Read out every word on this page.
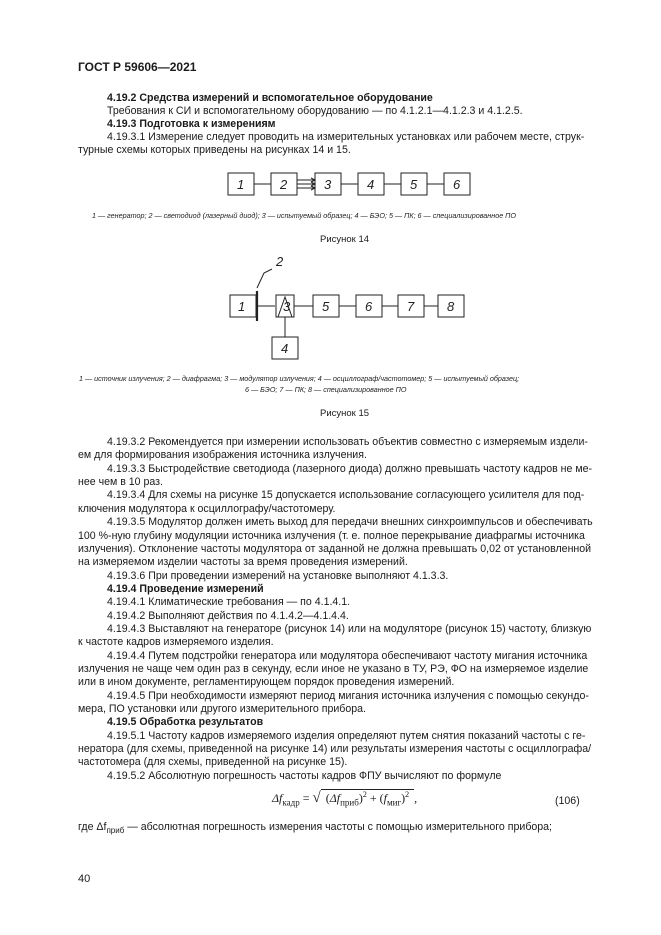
ГОСТ Р 59606—2021
4.19.2 Средства измерений и вспомогательное оборудование
Требования к СИ и вспомогательному оборудованию — по 4.1.2.1—4.1.2.3 и 4.1.2.5.
4.19.3 Подготовка к измерениям
4.19.3.1 Измерение следует проводить на измерительных установках или рабочем месте, струк-
турные схемы которых приведены на рисунках 14 и 15.
1	2	3	4	5	6
1 — генератор; 2 — светодиод (лазерный диод); 3 — испытуемый образец; 4 — БЭО; 5 — ПК; 6 — специализированное ПО
Рисунок 14
1
2
3
4
5	6	7	8
1 — источник излучения; 2 — диафрагма; 3 — модулятор излучения; 4 — осциллограф/частотомер; 5 — испытуемый образец;
6 — БЭО; 7 — ПК; 8 — специализированное ПО
Рисунок 15
4.19.3.2 Рекомендуется при измерении использовать объектив совместно с измеряемым издели-
ем для формирования изображения источника излучения.
4.19.3.3 Быстродействие светодиода (лазерного диода) должно превышать частоту кадров не ме-
нее чем в 10 раз.
4.19.3.4 Для схемы на рисунке 15 допускается использование согласующего усилителя для под-
ключения модулятора к осциллографу/частотомеру.
4.19.3.5 Модулятор должен иметь выход для передачи внешних синхроимпульсов и обеспечивать
100 %-ную глубину модуляции источника излучения (т. е. полное перекрывание диафрагмы источника
излучения). Отклонение частоты модулятора от заданной не должна превышать 0,02 от установленной
на измеряемом изделии частоты за время проведения измерений.
4.19.3.6 При проведении измерений на установке выполняют 4.1.3.3.
4.19.4 Проведение измерений
4.19.4.1 Климатические требования — по 4.1.4.1.
4.19.4.2 Выполняют действия по 4.1.4.2—4.1.4.4.
4.19.4.3 Выставляют на генераторе (рисунок 14) или на модуляторе (рисунок 15) частоту, близкую
к частоте кадров измеряемого изделия.
4.19.4.4 Путем подстройки генератора или модулятора обеспечивают частоту мигания источника
излучения не чаще чем один раз в секунду, если иное не указано в ТУ, РЭ, ФО на измеряемое изделие
или в ином документе, регламентирующем порядок проведения измерений.
4.19.4.5 При необходимости измеряют период мигания источника излучения с помощью секундо-
мера, ПО установки или другого измерительного прибора.
4.19.5 Обработка результатов
4.19.5.1 Частоту кадров измеряемого изделия определяют путем снятия показаний частоты с ге-
нератора (для схемы, приведенной на рисунке 14) или результаты измерения частоты с осциллографа/
частотомера (для схемы, приведенной на рисунке 15).
4.19.5.2 Абсолютную погрешность частоты кадров ФПУ вычисляют по формуле
$\Delta f_{кадр}$ = √ $(\Delta f_{приб})^2 + (f_{миг})^2$ ,	(106)
где $\Delta f_{приб}$ — абсолютная погрешность измерения частоты с помощью измерительного прибора;
40
